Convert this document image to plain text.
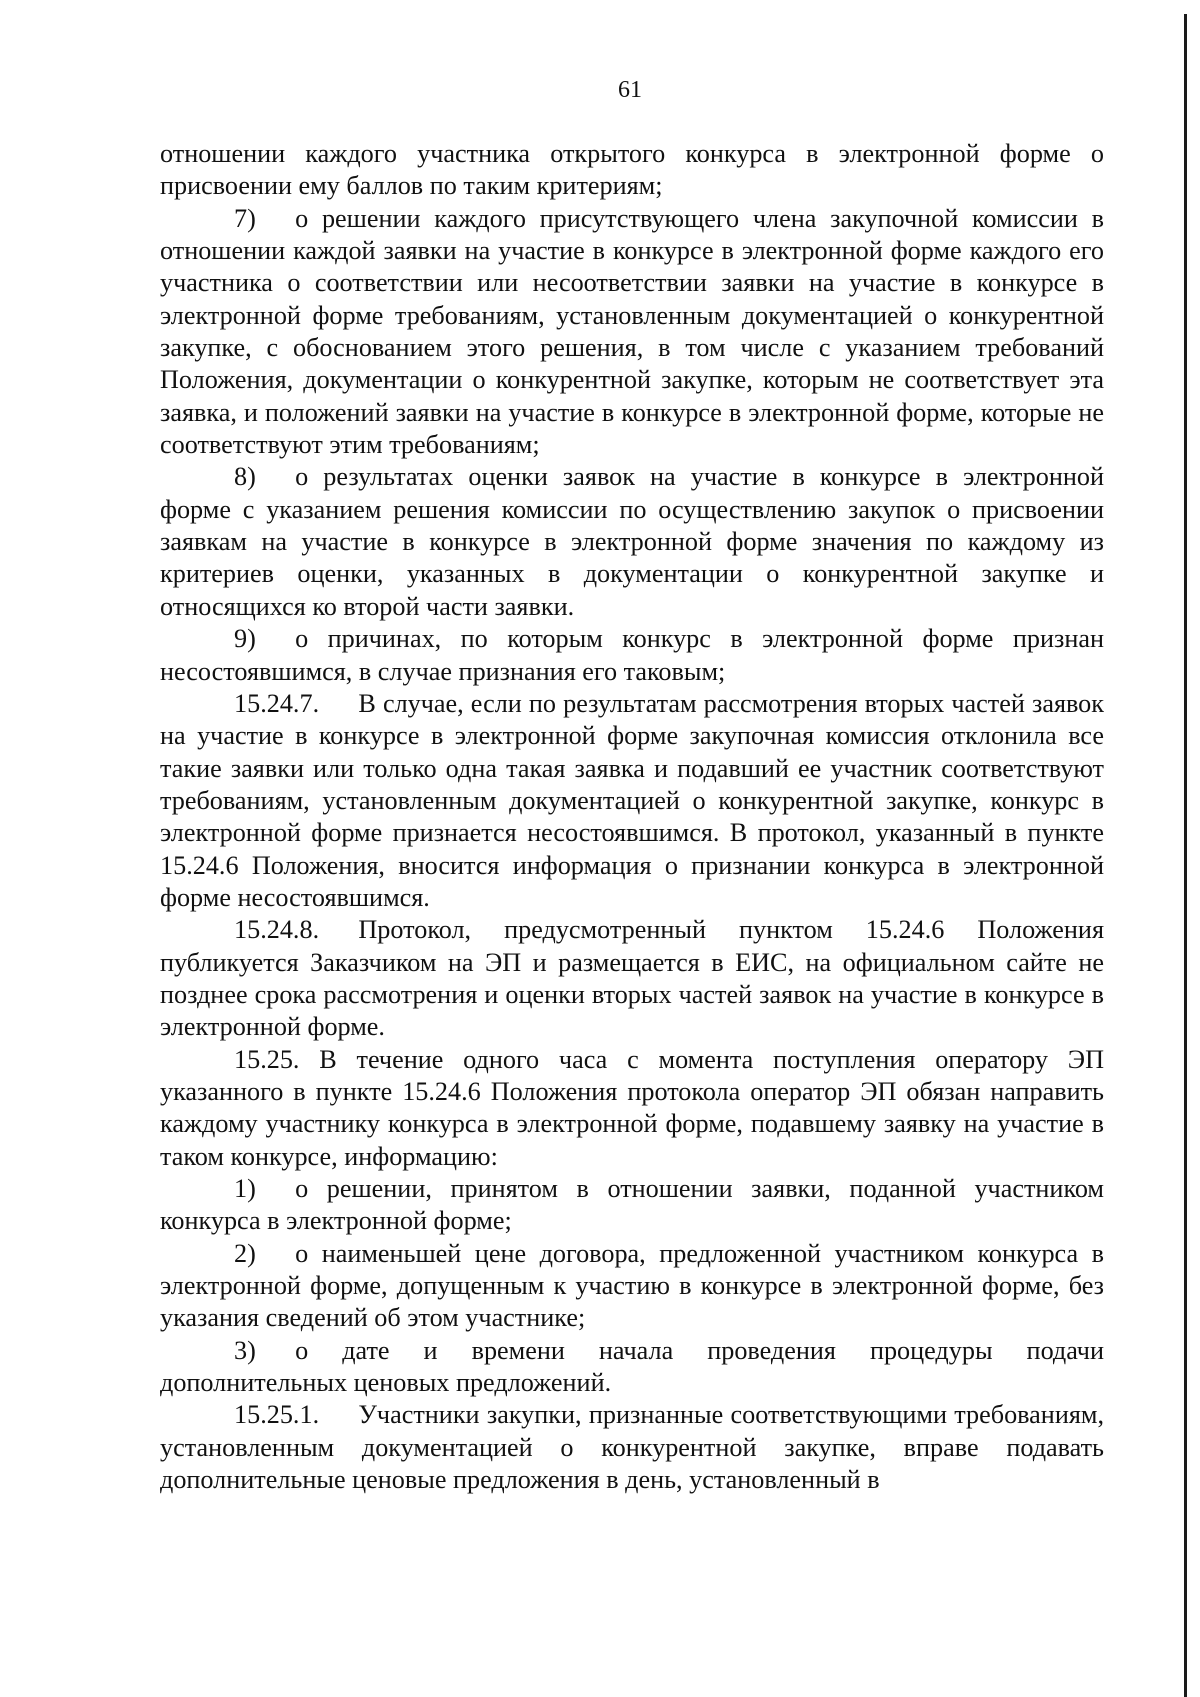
61

отношении каждого участника открытого конкурса в электронной форме о присвоении ему баллов по таким критериям;

7)  о решении каждого присутствующего члена закупочной комиссии в отношении каждой заявки на участие в конкурсе в электронной форме каждого его участника о соответствии или несоответствии заявки на участие в конкурсе в электронной форме требованиям, установленным документацией о конкурентной закупке, с обоснованием этого решения, в том числе с указанием требований Положения, документации о конкурентной закупке, которым не соответствует эта заявка, и положений заявки на участие в конкурсе в электронной форме, которые не соответствуют этим требованиям;

8)  о результатах оценки заявок на участие в конкурсе в электронной форме с указанием решения комиссии по осуществлению закупок о присвоении заявкам на участие в конкурсе в электронной форме значения по каждому из критериев оценки, указанных в документации о конкурентной закупке и относящихся ко второй части заявки.

9)  о причинах, по которым конкурс в электронной форме признан несостоявшимся, в случае признания его таковым;

15.24.7.  В случае, если по результатам рассмотрения вторых частей заявок на участие в конкурсе в электронной форме закупочная комиссия отклонила все такие заявки или только одна такая заявка и подавший ее участник соответствуют требованиям, установленным документацией о конкурентной закупке, конкурс в электронной форме признается несостоявшимся. В протокол, указанный в пункте 15.24.6 Положения, вносится информация о признании конкурса в электронной форме несостоявшимся.

15.24.8.  Протокол, предусмотренный пунктом 15.24.6 Положения публикуется Заказчиком на ЭП и размещается в ЕИС, на официальном сайте не позднее срока рассмотрения и оценки вторых частей заявок на участие в конкурсе в электронной форме.

15.25. В течение одного часа с момента поступления оператору ЭП указанного в пункте 15.24.6 Положения протокола оператор ЭП обязан направить каждому участнику конкурса в электронной форме, подавшему заявку на участие в таком конкурсе, информацию:

1)  о решении, принятом в отношении заявки, поданной участником конкурса в электронной форме;

2)  о наименьшей цене договора, предложенной участником конкурса в электронной форме, допущенным к участию в конкурсе в электронной форме, без указания сведений об этом участнике;

3)  о дате и времени начала проведения процедуры подачи дополнительных ценовых предложений.

15.25.1.  Участники закупки, признанные соответствующими требованиям, установленным документацией о конкурентной закупке, вправе подавать дополнительные ценовые предложения в день, установленный в
